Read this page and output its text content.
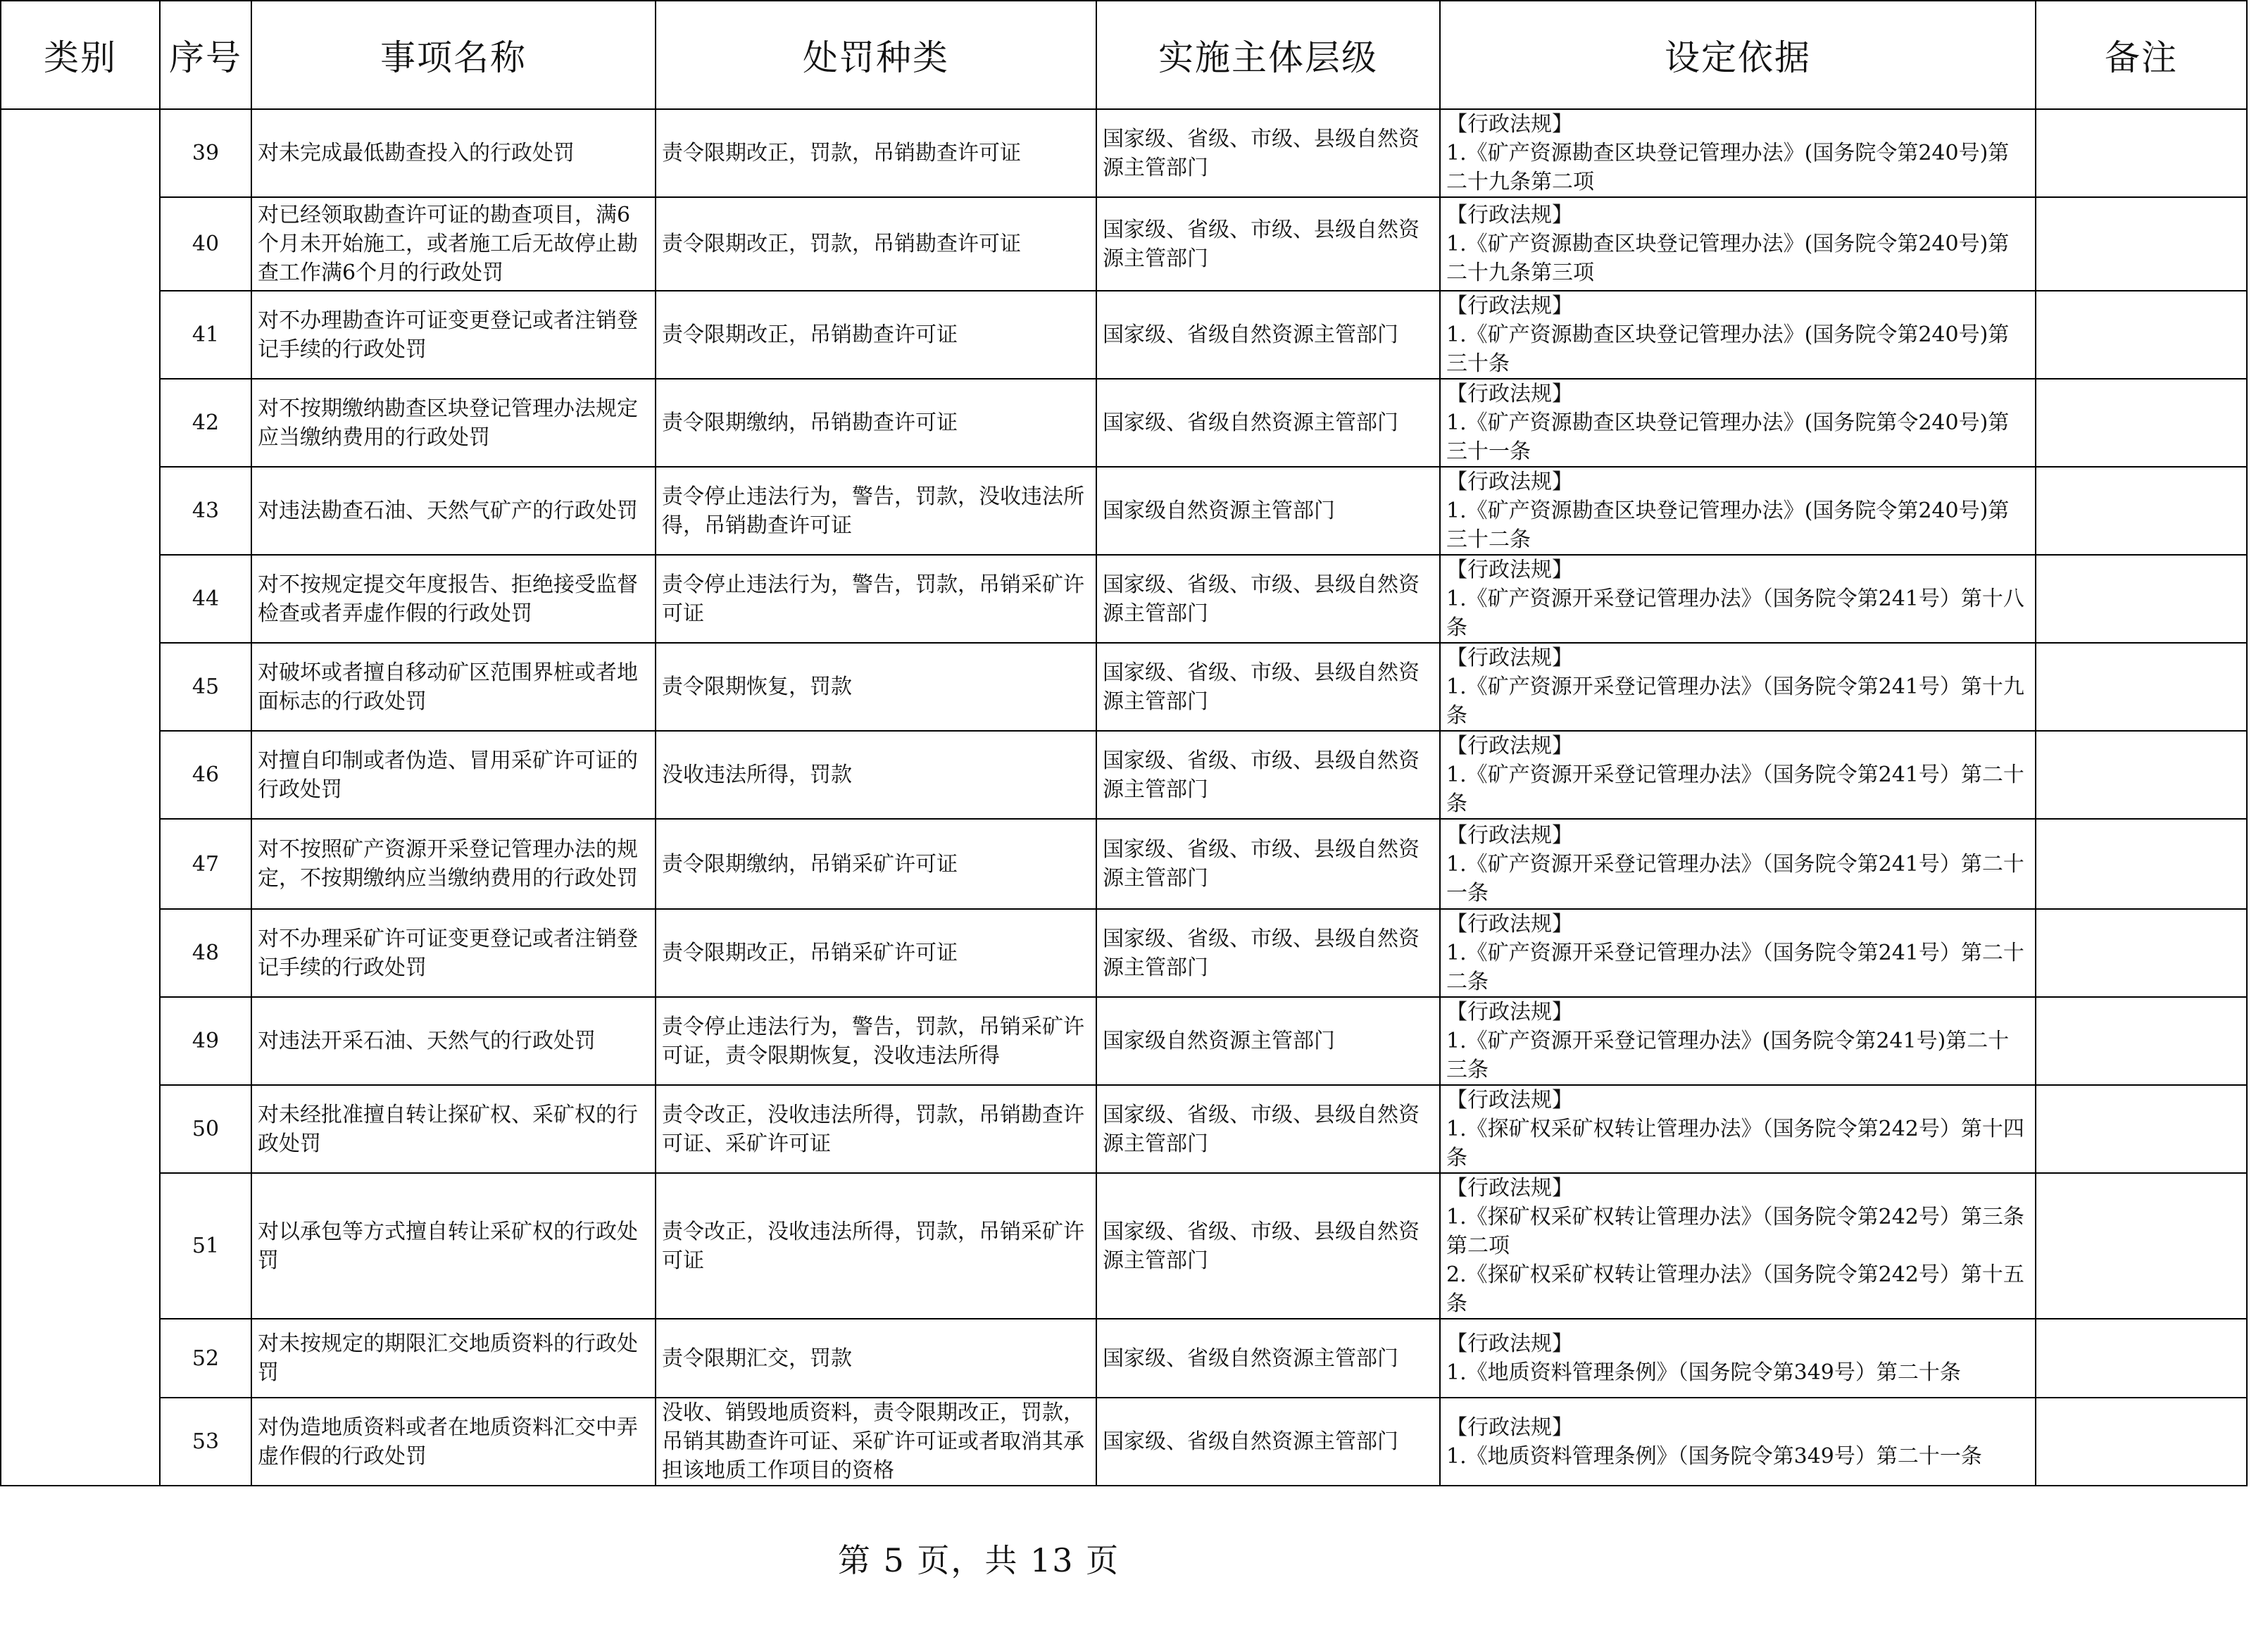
类别	序号	事项名称	处罚种类	实施主体层级	设定依据	备注
	39	对未完成最低勘查投入的行政处罚	责令限期改正，罚款，吊销勘查许可证	国家级、省级、市级、县级自然资源主管部门	【行政法规】
1.《矿产资源勘查区块登记管理办法》(国务院令第240号)第二十九条第二项	

	40	对已经领取勘查许可证的勘查项目，满6个月未开始施工，或者施工后无故停止勘查工作满6个月的行政处罚	责令限期改正，罚款，吊销勘查许可证	国家级、省级、市级、县级自然资源主管部门	【行政法规】
1.《矿产资源勘查区块登记管理办法》(国务院令第240号)第二十九条第三项	

	41	对不办理勘查许可证变更登记或者注销登记手续的行政处罚	责令限期改正，吊销勘查许可证	国家级、省级自然资源主管部门	【行政法规】
1.《矿产资源勘查区块登记管理办法》(国务院令第240号)第三十条	

	42	对不按期缴纳勘查区块登记管理办法规定应当缴纳费用的行政处罚	责令限期缴纳，吊销勘查许可证	国家级、省级自然资源主管部门	【行政法规】
1.《矿产资源勘查区块登记管理办法》(国务院第令240号)第三十一条	

	43	对违法勘查石油、天然气矿产的行政处罚	责令停止违法行为，警告，罚款，没收违法所得，吊销勘查许可证	国家级自然资源主管部门	【行政法规】
1.《矿产资源勘查区块登记管理办法》(国务院令第240号)第三十二条	

	44	对不按规定提交年度报告、拒绝接受监督检查或者弄虚作假的行政处罚	责令停止违法行为，警告，罚款，吊销采矿许可证	国家级、省级、市级、县级自然资源主管部门	【行政法规】
1.《矿产资源开采登记管理办法》（国务院令第241号）第十八条	

	45	对破坏或者擅自移动矿区范围界桩或者地面标志的行政处罚	责令限期恢复，罚款	国家级、省级、市级、县级自然资源主管部门	【行政法规】
1.《矿产资源开采登记管理办法》（国务院令第241号）第十九条	

	46	对擅自印制或者伪造、冒用采矿许可证的行政处罚	没收违法所得，罚款	国家级、省级、市级、县级自然资源主管部门	【行政法规】
1.《矿产资源开采登记管理办法》（国务院令第241号）第二十条	

	47	对不按照矿产资源开采登记管理办法的规定，不按期缴纳应当缴纳费用的行政处罚	责令限期缴纳，吊销采矿许可证	国家级、省级、市级、县级自然资源主管部门	【行政法规】
1.《矿产资源开采登记管理办法》（国务院令第241号）第二十一条	

	48	对不办理采矿许可证变更登记或者注销登记手续的行政处罚	责令限期改正，吊销采矿许可证	国家级、省级、市级、县级自然资源主管部门	【行政法规】
1.《矿产资源开采登记管理办法》（国务院令第241号）第二十二条	

	49	对违法开采石油、天然气的行政处罚	责令停止违法行为，警告，罚款，吊销采矿许可证，责令限期恢复，没收违法所得	国家级自然资源主管部门	【行政法规】
1.《矿产资源开采登记管理办法》(国务院令第241号)第二十三条	

	50	对未经批准擅自转让探矿权、采矿权的行政处罚	责令改正，没收违法所得，罚款，吊销勘查许可证、采矿许可证	国家级、省级、市级、县级自然资源主管部门	【行政法规】
1.《探矿权采矿权转让管理办法》（国务院令第242号）第十四条	

	51	对以承包等方式擅自转让采矿权的行政处罚	责令改正，没收违法所得，罚款，吊销采矿许可证	国家级、省级、市级、县级自然资源主管部门	【行政法规】
1.《探矿权采矿权转让管理办法》（国务院令第242号）第三条第二项
2.《探矿权采矿权转让管理办法》（国务院令第242号）第十五条	

	52	对未按规定的期限汇交地质资料的行政处罚	责令限期汇交，罚款	国家级、省级自然资源主管部门	【行政法规】
1.《地质资料管理条例》（国务院令第349号）第二十条	

	53	对伪造地质资料或者在地质资料汇交中弄虚作假的行政处罚	没收、销毁地质资料，责令限期改正，罚款，吊销其勘查许可证、采矿许可证或者取消其承担该地质工作项目的资格	国家级、省级自然资源主管部门	【行政法规】
1.《地质资料管理条例》（国务院令第349号）第二十一条	

第 5 页，共 13 页
